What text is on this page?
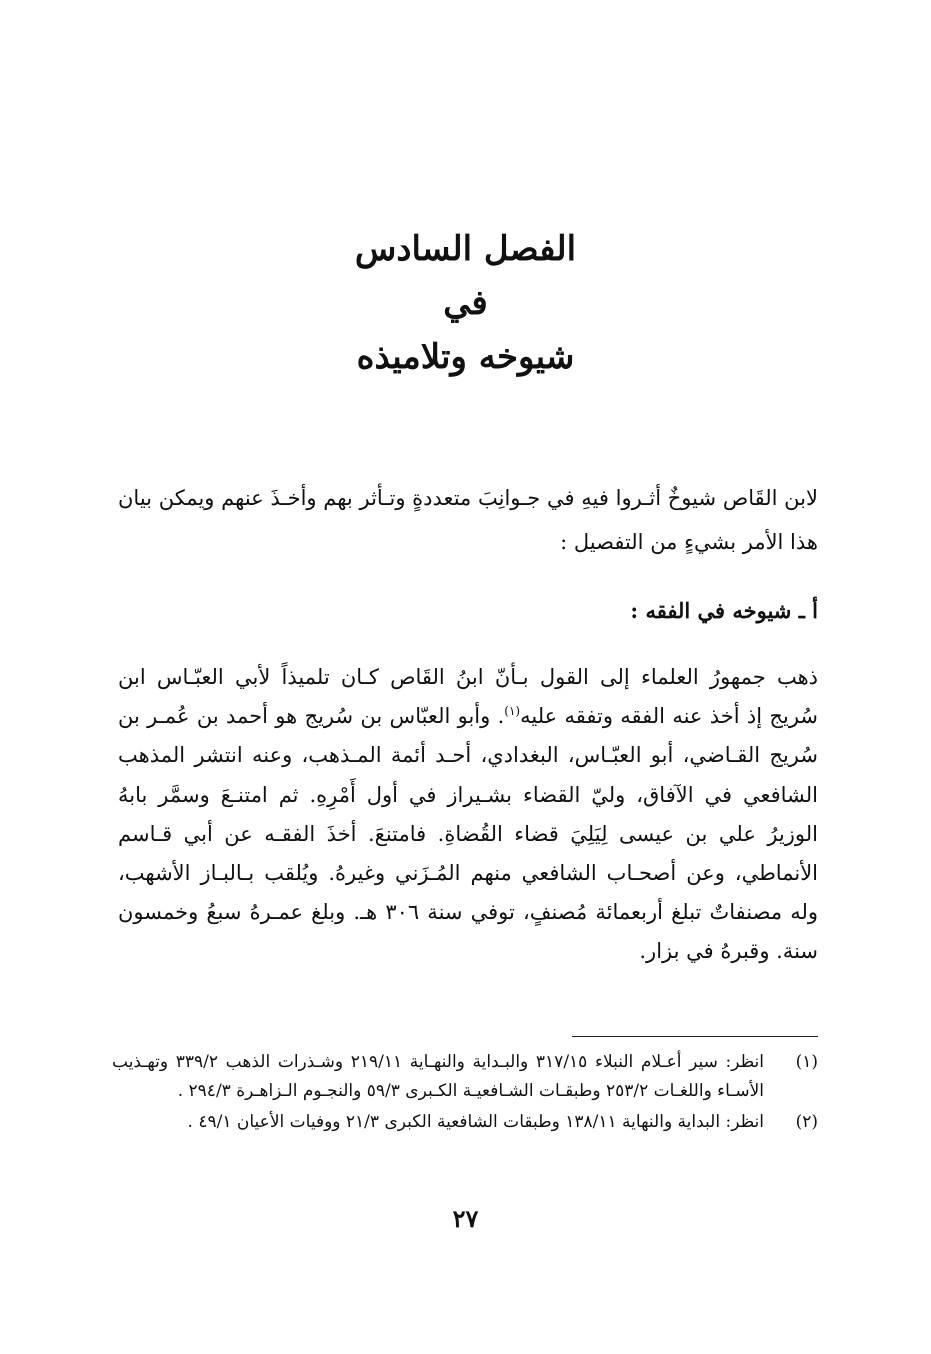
الفصل السادس
في
شيوخه وتلاميذه

لابن القَاص شيوخٌ أثـروا فيهِ في جـوانِبَ متعددةٍ وتـأثر بهم وأخـذَ عنهم ويمكن بيان هذا الأمر بشيءٍ من التفصيل :

أ ـ شيوخه في الفقه :

ذهب جمهورُ العلماء إلى القول بـأنّ ابنُ القَاص كـان تلميذاً لأبي العبّـاس ابن سُريج إذ أخذ عنه الفقه وتفقه عليه$^{(١)}$. وأبو العبّاس بن سُريج هو أحمد بن عُمـر بن سُريج القـاضي، أبو العبّـاس، البغدادي، أحـد أئمة المـذهب، وعنه انتشر المذهب الشافعي في الآفاق، وليّ القضاء بشـيراز في أول أَمْرِهِ. ثم امتنـعَ وسمَّر بابهُ الوزيرُ علي بن عيسى لِيَلِيَ قضاء القُضاةِ. فامتنعَ. أخذَ الفقـه عن أبي قـاسم الأنماطي، وعن أصحـاب الشافعي منهم المُـزَني وغيرهُ. ويُلقب بـالبـاز الأشهب، وله مصنفاتٌ تبلغ أربعمائة مُصنفٍ، توفي سنة ٣٠٦ هـ. وبلغ عمـرهُ سبعُ وخمسون سنة. وقبرهُ في بزار.

(١)
انظر: سير أعـلام النبلاء ٣١٧/١٥ والبـداية والنهـاية ٢١٩/١١ وشـذرات الذهب ٣٣٩/٢ وتهـذيب الأسـاء واللغـات ٢٥٣/٢ وطبقـات الشـافعيـة الكـبرى ٥٩/٣ والنجـوم الـزاهـرة ٢٩٤/٣ .
(٢)
انظر: البداية والنهاية ١٣٨/١١ وطبقات الشافعية الكبرى ٢١/٣ ووفيات الأعيان ٤٩/١ .
٢٧
